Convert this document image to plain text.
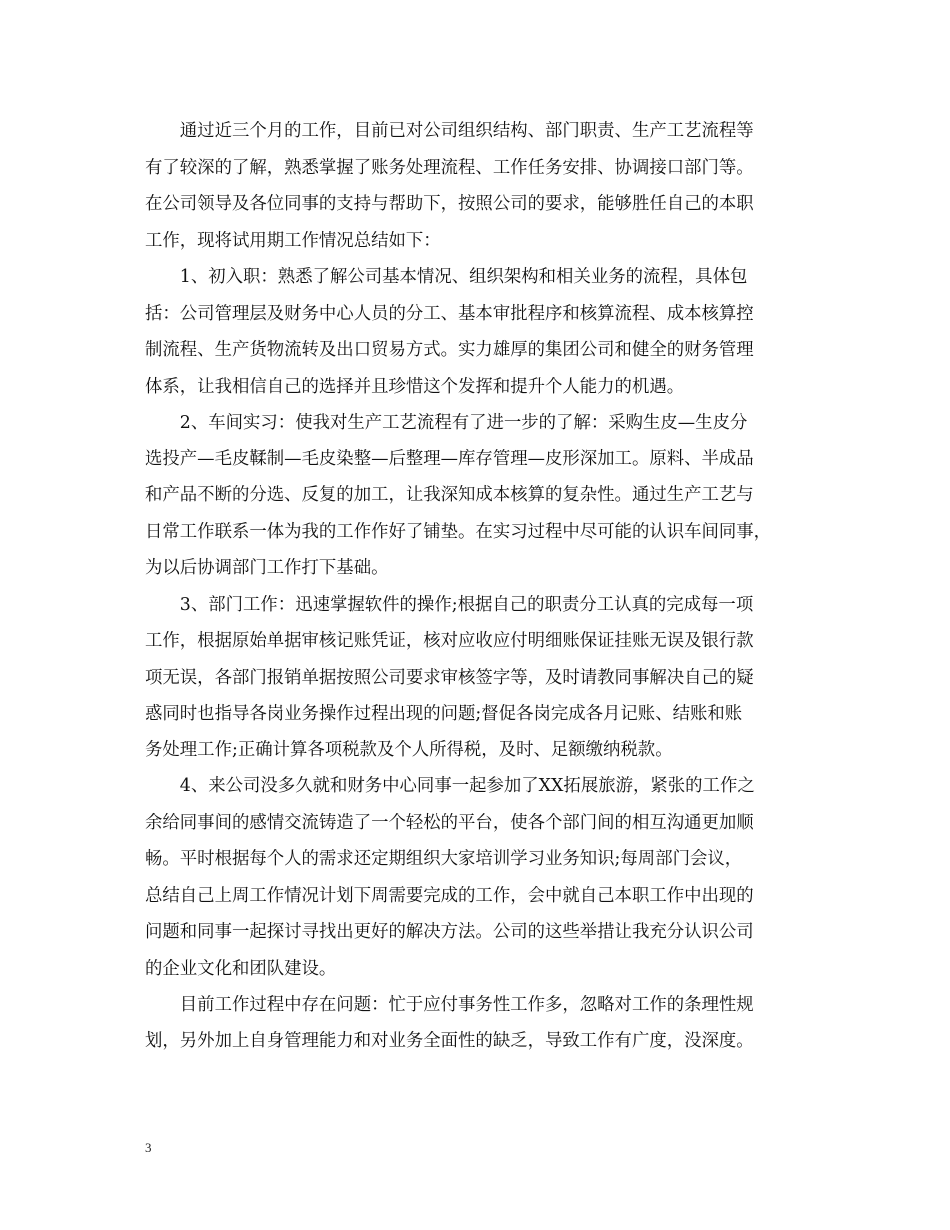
　　通过近三个月的工作，目前已对公司组织结构、部门职责、生产工艺流程等
有了较深的了解，熟悉掌握了账务处理流程、工作任务安排、协调接口部门等。
在公司领导及各位同事的支持与帮助下，按照公司的要求，能够胜任自己的本职
工作，现将试用期工作情况总结如下：
　　1、初入职：熟悉了解公司基本情况、组织架构和相关业务的流程，具体包
括：公司管理层及财务中心人员的分工、基本审批程序和核算流程、成本核算控
制流程、生产货物流转及出口贸易方式。实力雄厚的集团公司和健全的财务管理
体系，让我相信自己的选择并且珍惜这个发挥和提升个人能力的机遇。
　　2、车间实习：使我对生产工艺流程有了进一步的了解：采购生皮—生皮分
选投产—毛皮鞣制—毛皮染整—后整理—库存管理—皮形深加工。原料、半成品
和产品不断的分选、反复的加工，让我深知成本核算的复杂性。通过生产工艺与
日常工作联系一体为我的工作作好了铺垫。在实习过程中尽可能的认识车间同事，
为以后协调部门工作打下基础。
　　3、部门工作：迅速掌握软件的操作;根据自己的职责分工认真的完成每一项
工作，根据原始单据审核记账凭证，核对应收应付明细账保证挂账无误及银行款
项无误，各部门报销单据按照公司要求审核签字等，及时请教同事解决自己的疑
惑同时也指导各岗业务操作过程出现的问题;督促各岗完成各月记账、结账和账
务处理工作;正确计算各项税款及个人所得税，及时、足额缴纳税款。
　　4、来公司没多久就和财务中心同事一起参加了XX拓展旅游，紧张的工作之
余给同事间的感情交流铸造了一个轻松的平台，使各个部门间的相互沟通更加顺
畅。平时根据每个人的需求还定期组织大家培训学习业务知识;每周部门会议，
总结自己上周工作情况计划下周需要完成的工作，会中就自己本职工作中出现的
问题和同事一起探讨寻找出更好的解决方法。公司的这些举措让我充分认识公司
的企业文化和团队建设。
　　目前工作过程中存在问题：忙于应付事务性工作多，忽略对工作的条理性规
划，另外加上自身管理能力和对业务全面性的缺乏，导致工作有广度，没深度。
3
